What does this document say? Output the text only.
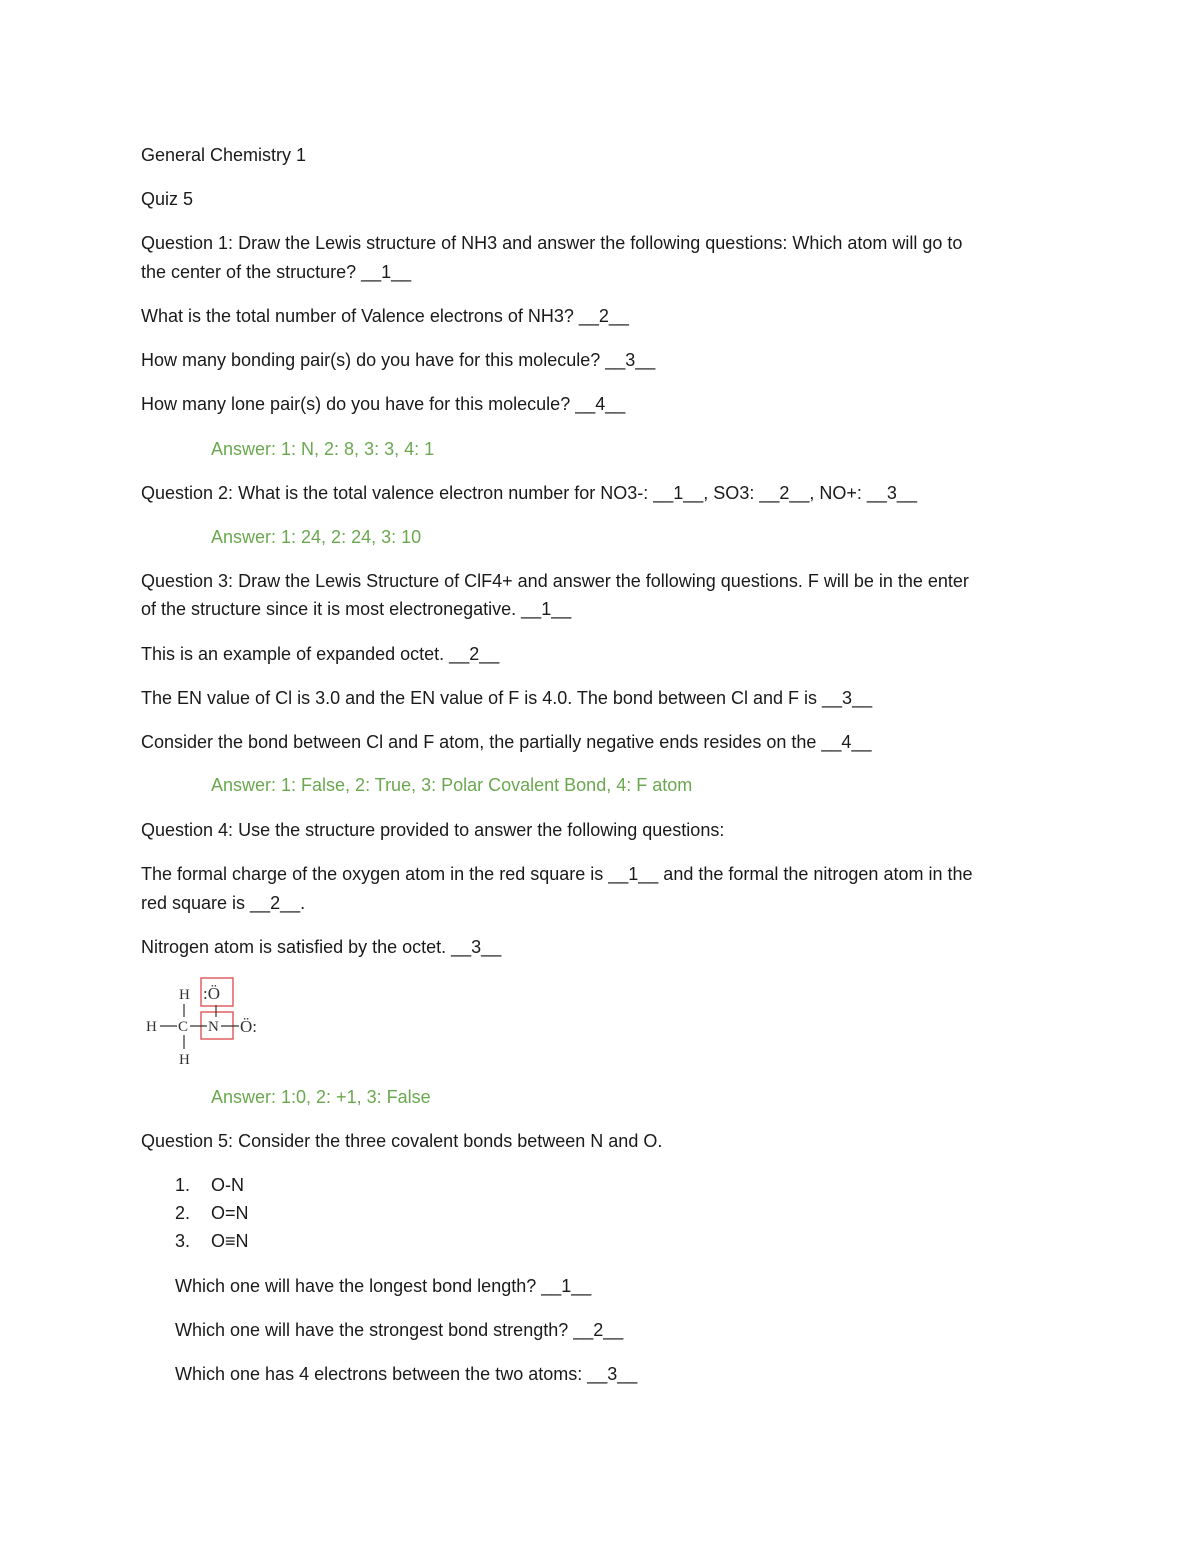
General Chemistry 1
Quiz 5
Question 1: Draw the Lewis structure of NH3 and answer the following questions: Which atom will go to
the center of the structure? __1__
What is the total number of Valence electrons of NH3? __2__
How many bonding pair(s) do you have for this molecule? __3__
How many lone pair(s) do you have for this molecule? __4__
Answer: 1: N, 2: 8, 3: 3, 4: 1
Question 2: What is the total valence electron number for NO3-: __1__, SO3: __2__, NO+: __3__
Answer: 1: 24, 2: 24, 3: 10
Question 3: Draw the Lewis Structure of ClF4+ and answer the following questions. F will be in the enter
of the structure since it is most electronegative. __1__
This is an example of expanded octet. __2__
The EN value of Cl is 3.0 and the EN value of F is 4.0. The bond between Cl and F is __3__
Consider the bond between Cl and F atom, the partially negative ends resides on the __4__
Answer: 1: False, 2: True, 3: Polar Covalent Bond, 4: F atom
Question 4: Use the structure provided to answer the following questions:
The formal charge of the oxygen atom in the red square is __1__ and the formal the nitrogen atom in the
red square is __2__.
Nitrogen atom is satisfied by the octet. __3__
H :Ö
H C N Ö:
H
Answer: 1:0, 2: +1, 3: False
Question 5: Consider the three covalent bonds between N and O.
1. O-N
2. O=N
3. O≡N
Which one will have the longest bond length? __1__
Which one will have the strongest bond strength? __2__
Which one has 4 electrons between the two atoms: __3__
